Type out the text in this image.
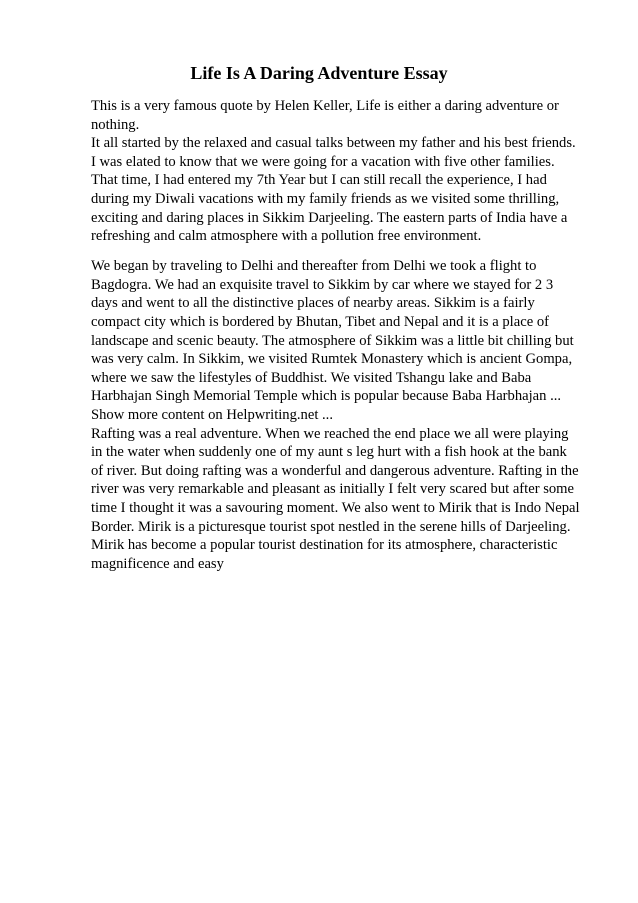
Life Is A Daring Adventure Essay
This is a very famous quote by Helen Keller, Life is either a daring adventure or
nothing.
It all started by the relaxed and casual talks between my father and his best friends.
I was elated to know that we were going for a vacation with five other families.
That time, I had entered my 7th Year but I can still recall the experience, I had
during my Diwali vacations with my family friends as we visited some thrilling,
exciting and daring places in Sikkim Darjeeling. The eastern parts of India have a
refreshing and calm atmosphere with a pollution free environment.
We began by traveling to Delhi and thereafter from Delhi we took a flight to
Bagdogra. We had an exquisite travel to Sikkim by car where we stayed for 2 3
days and went to all the distinctive places of nearby areas. Sikkim is a fairly
compact city which is bordered by Bhutan, Tibet and Nepal and it is a place of
landscape and scenic beauty. The atmosphere of Sikkim was a little bit chilling but
was very calm. In Sikkim, we visited Rumtek Monastery which is ancient Gompa,
where we saw the lifestyles of Buddhist. We visited Tshangu lake and Baba
Harbhajan Singh Memorial Temple which is popular because Baba Harbhajan ...
Show more content on Helpwriting.net ...
Rafting was a real adventure. When we reached the end place we all were playing
in the water when suddenly one of my aunt s leg hurt with a fish hook at the bank
of river. But doing rafting was a wonderful and dangerous adventure. Rafting in the
river was very remarkable and pleasant as initially I felt very scared but after some
time I thought it was a savouring moment. We also went to Mirik that is Indo Nepal
Border. Mirik is a picturesque tourist spot nestled in the serene hills of Darjeeling.
Mirik has become a popular tourist destination for its atmosphere, characteristic
magnificence and easy
